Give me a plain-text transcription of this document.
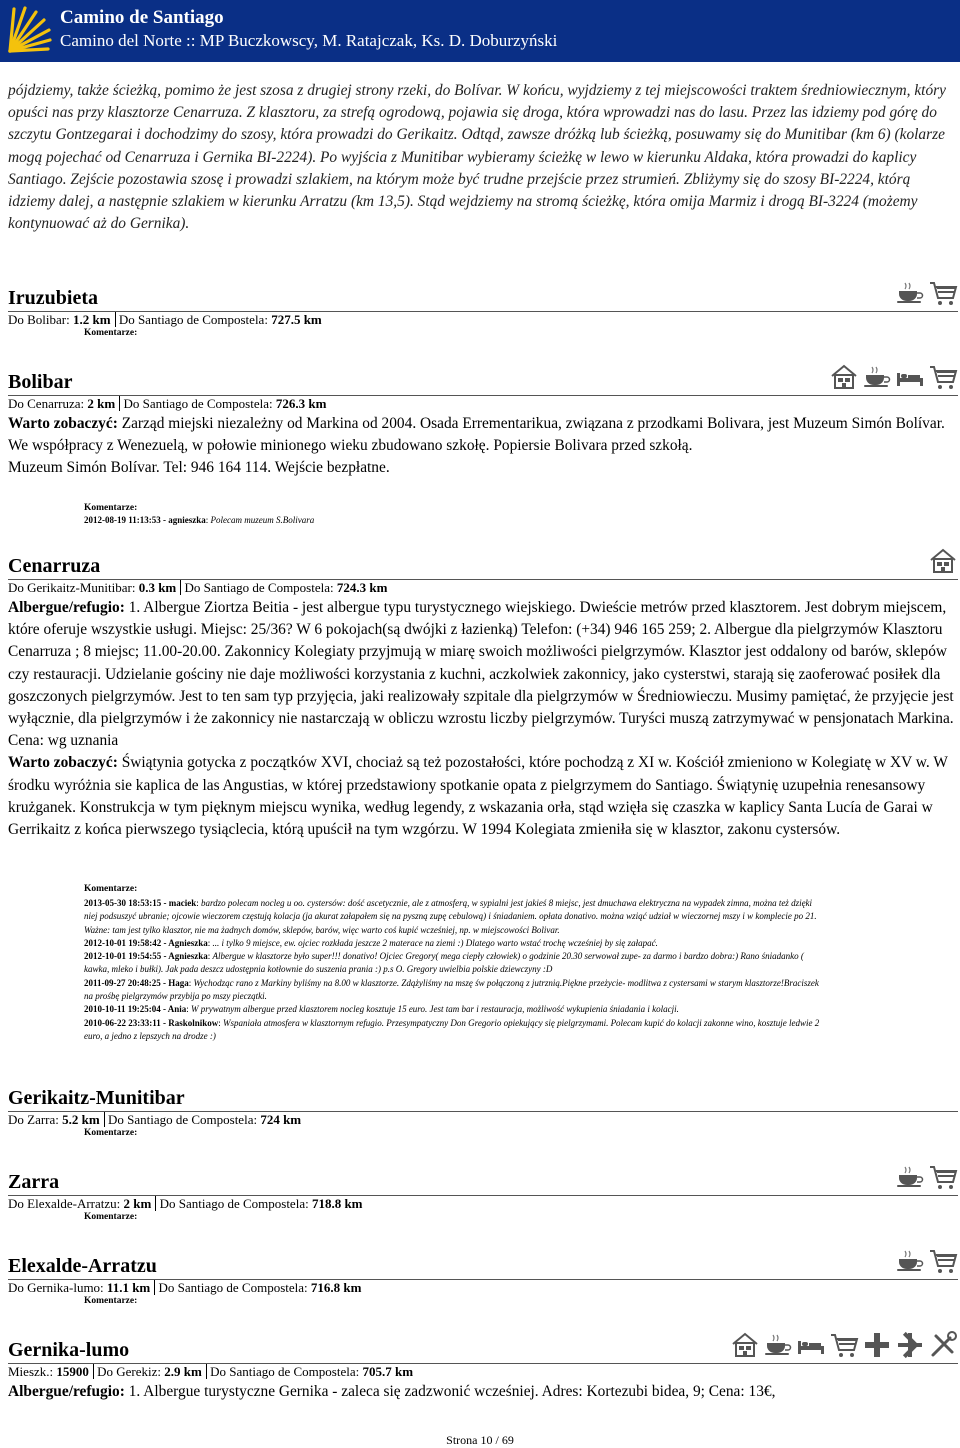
Camino de Santiago
Camino del Norte :: MP Buczkowscy, M. Ratajczak, Ks. D. Doburzyński
pójdziemy, także ścieżką, pomimo że jest szosa z drugiej strony rzeki, do Bolívar. W końcu, wyjdziemy z tej miejscowości traktem średniowiecznym, który opuści nas przy klasztorze Cenarruza. Z klasztoru, za strefą ogrodową, pojawia się droga, która wprowadzi nas do lasu. Przez las idziemy pod górę do szczytu Gontzegarai i dochodzimy do szosy, która prowadzi do Gerikaitz. Odtąd, zawsze dróżką lub ścieżką, posuwamy się do Munitibar (km 6) (kolarze mogą pojechać od Cenarruza i Gernika BI-2224). Po wyjścia z Munitibar wybieramy ścieżkę w lewo w kierunku Aldaka, która prowadzi do kaplicy Santiago. Zejście pozostawia szosę i prowadzi szlakiem, na którym może być trudne przejście przez strumień. Zbliżymy się do szosy BI-2224, którą idziemy dalej, a następnie szlakiem w kierunku Arratzu (km 13,5). Stąd wejdziemy na stromą ścieżkę, która omija Marmiz i drogą BI-3224 (możemy kontynuować aż do Gernika).
Iruzubieta
Do Bolibar: 1.2 km Do Santiago de Compostela: 727.5 km
Komentarze:
Bolibar
Do Cenarruza: 2 km Do Santiago de Compostela: 726.3 km
Warto zobaczyć: Zarząd miejski niezależny od Markina od 2004. Osada Errementarikua, związana z przodkami Bolivara, jest Muzeum Simón Bolívar. We współpracy z Wenezuelą, w połowie minionego wieku zbudowano szkołę. Popiersie Bolivara przed szkołą.
Muzeum Simón Bolívar. Tel: 946 164 114. Wejście bezpłatne.
Komentarze:
2012-08-19 11:13:53 - agnieszka: Polecam muzeum S.Bolivara
Cenarruza
Do Gerikaitz-Munitibar: 0.3 km Do Santiago de Compostela: 724.3 km
Albergue/refugio: 1. Albergue Ziortza Beitia - jest albergue typu turystycznego wiejskiego. Dwieście metrów przed klasztorem. Jest dobrym miejscem, które oferuje wszystkie usługi. Miejsc: 25/36? W 6 pokojach(są dwójki z łazienką) Telefon: (+34) 946 165 259; 2. Albergue dla pielgrzymów Klasztoru Cenarruza ; 8 miejsc; 11.00-20.00. Zakonnicy Kolegiaty przyjmują w miarę swoich możliwości pielgrzymów. Klasztor jest oddalony od barów, sklepów czy restauracji. Udzielanie gościny nie daje możliwości korzystania z kuchni, aczkolwiek zakonnicy, jako cysterstwi, starają się zaoferować posiłek dla goszczonych pielgrzymów. Jest to ten sam typ przyjęcia, jaki realizowały szpitale dla pielgrzymów w Średniowieczu. Musimy pamiętać, że przyjęcie jest wyłącznie, dla pielgrzymów i że zakonnicy nie nastarczają w obliczu wzrostu liczby pielgrzymów. Turyści muszą zatrzymywać w pensjonatach Markina. Cena: wg uznania
Warto zobaczyć: Świątynia gotycka z początków XVI, chociaż są też pozostałości, które pochodzą z XI w. Kościół zmieniono w Kolegiatę w XV w. W środku wyróżnia sie kaplica de las Angustias, w której przedstawiony spotkanie opata z pielgrzymem do Santiago. Świątynię uzupełnia renesansowy krużganek. Konstrukcja w tym pięknym miejscu wynika, według legendy, z wskazania orła, stąd wzięła się czaszka w kaplicy Santa Lucía de Garai w Gerrikaitz z końca pierwszego tysiąclecia, którą upuścił na tym wzgórzu. W 1994 Kolegiata zmieniła się w klasztor, zakonu cystersów.
Komentarze:
2013-05-30 18:53:15 - maciek: bardzo polecam nocleg u oo. cystersów: dość ascetycznie, ale z atmosferą, w sypialni jest jakieś 8 miejsc, jest dmuchawa elektryczna na wypadek zimna, można też dzięki niej podsuszyć ubranie; ojcowie wieczorem częstują kolacja (ja akurat załapałem się na pyszną zupę cebulową) i śniadaniem. opłata donativo. można wziąć udział w wieczornej mszy i w komplecie po 21. Ważne: tam jest tylko klasztor, nie ma żadnych domów, sklepów, barów, więc warto coś kupić wcześniej, np. w miejscowości Bolivar.
2012-10-01 19:58:42 - Agnieszka: ... i tylko 9 miejsce, ew. ojciec rozkłada jeszcze 2 materace na ziemi :) Dlatego warto wstać trochę wcześniej by się załapać.
2012-10-01 19:54:55 - Agnieszka: Albergue w klasztorze było super!!! donativo! Ojciec Gregory( mega ciepły człowiek) o godzinie 20.30 serwował zupe- za darmo i bardzo dobra:) Rano śniadanko ( kawka, mleko i bułki). Jak pada deszcz udostępnia kotłownie do suszenia prania :) p.s O. Gregory uwielbia polskie dziewczyny :D
2011-09-27 20:48:25 - Haga: Wychodząc rano z Markiny byliśmy na 8.00 w klasztorze. Zdążyliśmy na mszę św połączoną z jutrznią.Piękne przeżycie- modlitwa z cystersami w starym klasztorze!Braciszek na prośbę pielgrzymów przybija po mszy pieczątki.
2010-10-11 19:25:04 - Ania: W prywatnym albergue przed klasztorem nocleg kosztuje 15 euro. Jest tam bar i restauracja, możliwość wykupienia śniadania i kolacji.
2010-06-22 23:33:11 - Raskolnikow: Wspaniała atmosfera w klasztornym refugio. Przesympatyczny Don Gregorio opiekujący się pielgrzymami. Polecam kupić do kolacji zakonne wino, kosztuje ledwie 2 euro, a jedno z lepszych na drodze :)
Gerikaitz-Munitibar
Do Zarra: 5.2 km Do Santiago de Compostela: 724 km
Komentarze:
Zarra
Do Elexalde-Arratzu: 2 km Do Santiago de Compostela: 718.8 km
Komentarze:
Elexalde-Arratzu
Do Gernika-lumo: 11.1 km Do Santiago de Compostela: 716.8 km
Komentarze:
Gernika-lumo
Mieszk.: 15900 Do Gerekiz: 2.9 km Do Santiago de Compostela: 705.7 km
Albergue/refugio: 1. Albergue turystyczne Gernika - zaleca się zadzwonić wcześniej. Adres: Kortezubi bidea, 9; Cena: 13€,
Strona 10 / 69
